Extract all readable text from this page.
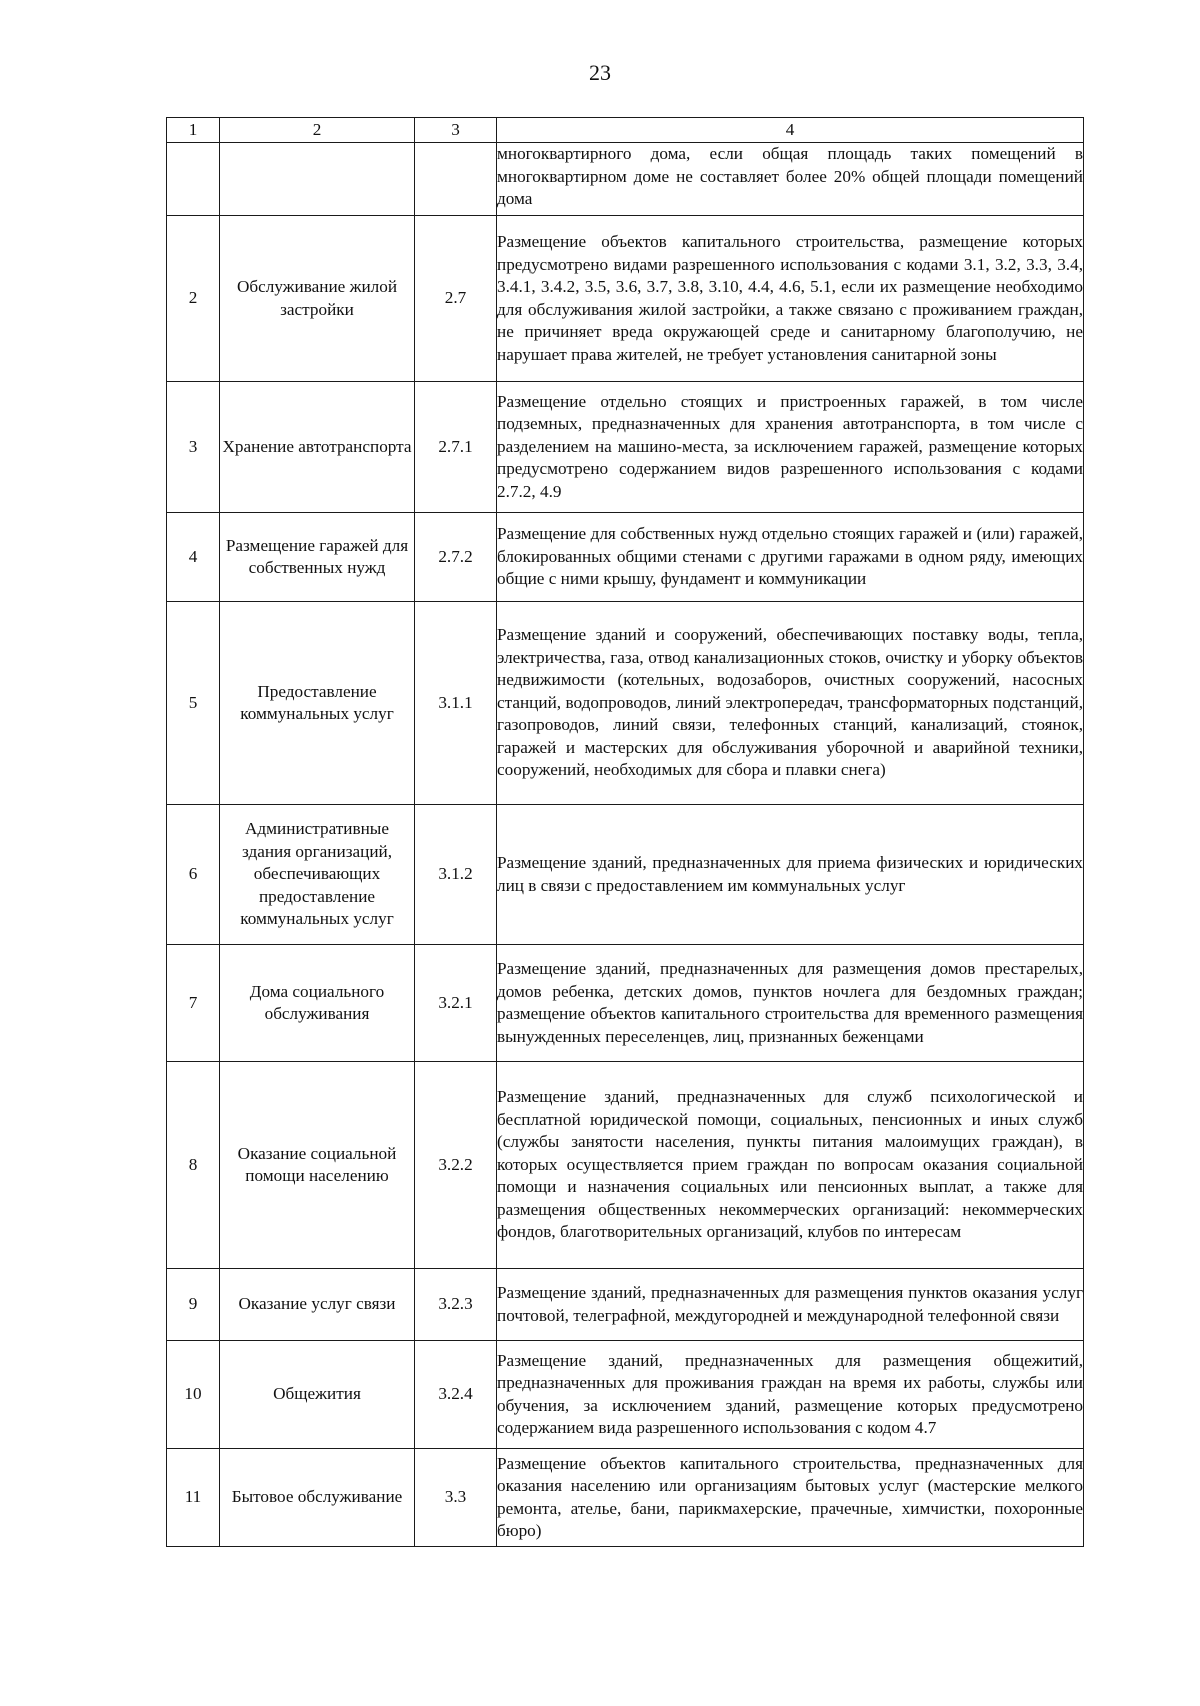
23
1	2	3	4
			многоквартирного дома, если общая площадь таких помещений в многоквартирном доме не составляет более 20% общей площади помещений дома
2	Обслуживание жилой застройки	2.7	Размещение объектов капитального строительства, размещение которых предусмотрено видами разрешенного использования с кодами 3.1, 3.2, 3.3, 3.4, 3.4.1, 3.4.2, 3.5, 3.6, 3.7, 3.8, 3.10, 4.4, 4.6, 5.1, если их размещение необходимо для обслуживания жилой застройки, а также связано с проживанием граждан, не причиняет вреда окружающей среде и санитарному благополучию, не нарушает права жителей, не требует установления санитарной зоны
3	Хранение автотранспорта	2.7.1	Размещение отдельно стоящих и пристроенных гаражей, в том числе подземных, предназначенных для хранения автотранспорта, в том числе с разделением на машино-места, за исключением гаражей, размещение которых предусмотрено содержанием видов разрешенного использования с кодами 2.7.2, 4.9
4	Размещение гаражей для собственных нужд	2.7.2	Размещение для собственных нужд отдельно стоящих гаражей и (или) гаражей, блокированных общими стенами с другими гаражами в одном ряду, имеющих общие с ними крышу, фундамент и коммуникации
5	Предоставление коммунальных услуг	3.1.1	Размещение зданий и сооружений, обеспечивающих поставку воды, тепла, электричества, газа, отвод канализационных стоков, очистку и уборку объектов недвижимости (котельных, водозаборов, очистных сооружений, насосных станций, водопроводов, линий электропередач, трансформаторных подстанций, газопроводов, линий связи, телефонных станций, канализаций, стоянок, гаражей и мастерских для обслуживания уборочной и аварийной техники, сооружений, необходимых для сбора и плавки снега)
6	Административные здания организаций, обеспечивающих предоставление коммунальных услуг	3.1.2	Размещение зданий, предназначенных для приема физических и юридических лиц в связи с предоставлением им коммунальных услуг
7	Дома социального обслуживания	3.2.1	Размещение зданий, предназначенных для размещения домов престарелых, домов ребенка, детских домов, пунктов ночлега для бездомных граждан; размещение объектов капитального строительства для временного размещения вынужденных переселенцев, лиц, признанных беженцами
8	Оказание социальной помощи населению	3.2.2	Размещение зданий, предназначенных для служб психологической и бесплатной юридической помощи, социальных, пенсионных и иных служб (службы занятости населения, пункты питания малоимущих граждан), в которых осуществляется прием граждан по вопросам оказания социальной помощи и назначения социальных или пенсионных выплат, а также для размещения общественных некоммерческих организаций: некоммерческих фондов, благотворительных организаций, клубов по интересам
9	Оказание услуг связи	3.2.3	Размещение зданий, предназначенных для размещения пунктов оказания услуг почтовой, телеграфной, междугородней и международной телефонной связи
10	Общежития	3.2.4	Размещение зданий, предназначенных для размещения общежитий, предназначенных для проживания граждан на время их работы, службы или обучения, за исключением зданий, размещение которых предусмотрено содержанием вида разрешенного использования с кодом 4.7
11	Бытовое обслуживание	3.3	Размещение объектов капитального строительства, предназначенных для оказания населению или организациям бытовых услуг (мастерские мелкого ремонта, ателье, бани, парикмахерские, прачечные, химчистки, похоронные бюро)
